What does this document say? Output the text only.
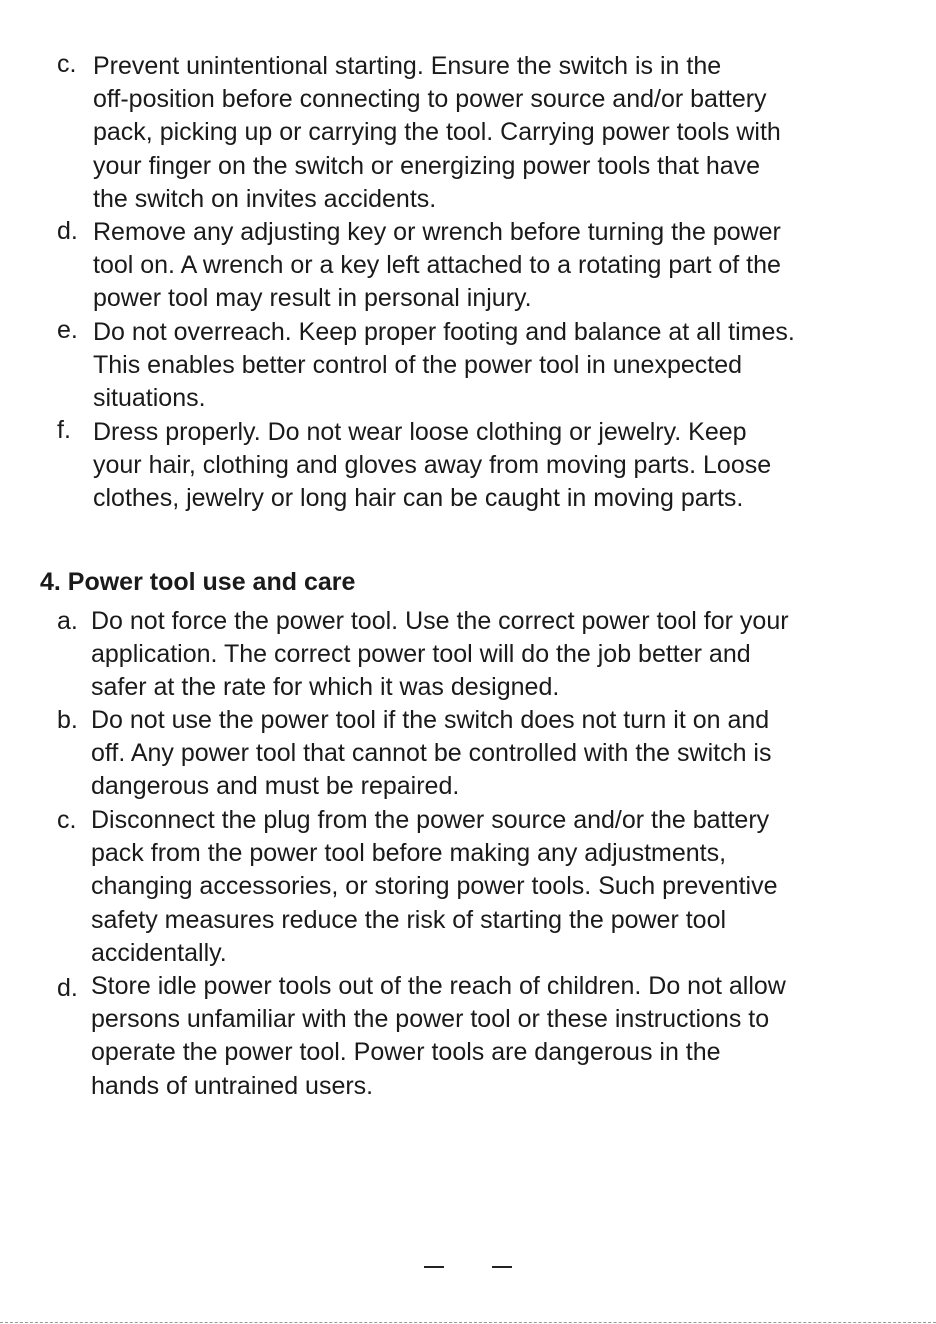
c. Prevent unintentional starting. Ensure the switch is in the
off-position before connecting to power source and/or battery
pack, picking up or carrying the tool. Carrying power tools with
your finger on the switch or energizing power tools that have
the switch on invites accidents.
d. Remove any adjusting key or wrench before turning the power
tool on. A wrench or a key left attached to a rotating part of the
power tool may result in personal injury.
e. Do not overreach. Keep proper footing and balance at all times.
This enables better control of the power tool in unexpected
situations.
f. Dress properly. Do not wear loose clothing or jewelry. Keep
your hair, clothing and gloves away from moving parts. Loose
clothes, jewelry or long hair can be caught in moving parts.
4. Power tool use and care
a. Do not force the power tool. Use the correct power tool for your
application. The correct power tool will do the job better and
safer at the rate for which it was designed.
b. Do not use the power tool if the switch does not turn it on and
off. Any power tool that cannot be controlled with the switch is
dangerous and must be repaired.
c. Disconnect the plug from the power source and/or the battery
pack from the power tool before making any adjustments,
changing accessories, or storing power tools. Such preventive
safety measures reduce the risk of starting the power tool
accidentally.
d. Store idle power tools out of the reach of children. Do not allow
persons unfamiliar with the power tool or these instructions to
operate the power tool. Power tools are dangerous in the
hands of untrained users.
